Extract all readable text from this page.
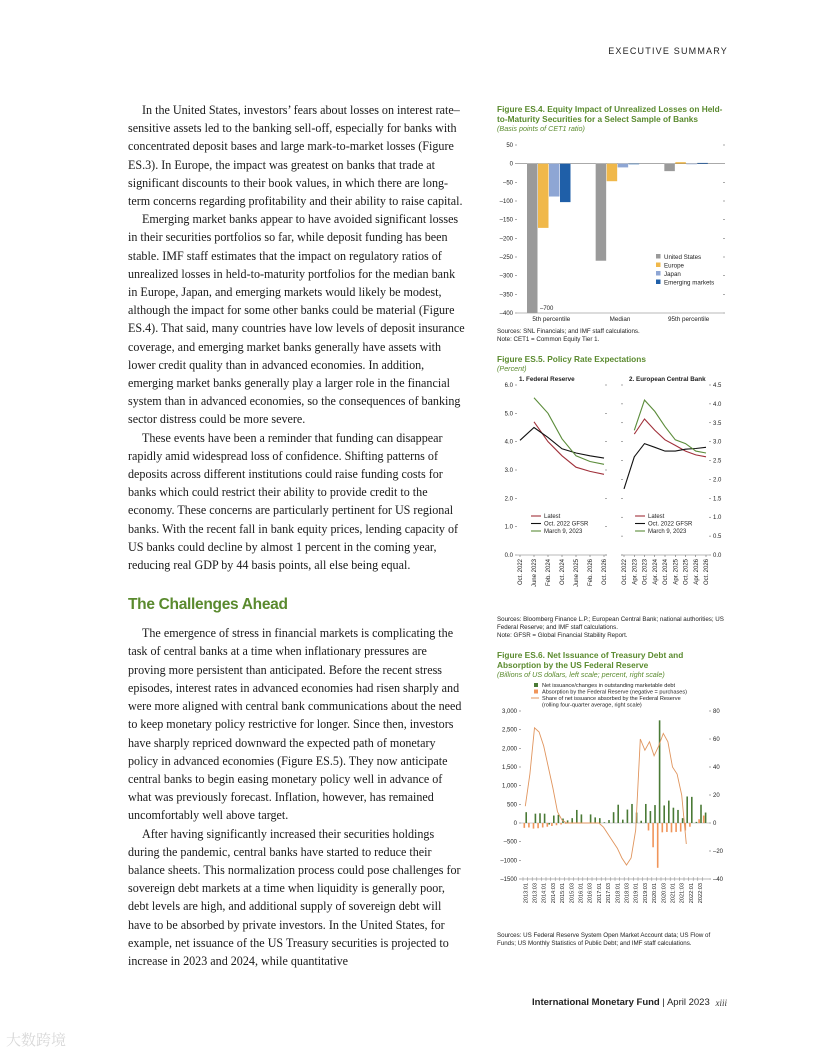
EXECUTIVE SUMMARY

In the United States, investors’ fears about losses on interest rate–sensitive assets led to the banking sell-off, especially for banks with concentrated deposit bases and large mark-to-market losses (Figure ES.3). In Europe, the impact was greatest on banks that trade at significant discounts to their book values, in which there are long-term concerns regarding profitability and their ability to raise capital.

Emerging market banks appear to have avoided significant losses in their securities portfolios so far, while deposit funding has been stable. IMF staff estimates that the impact on regulatory ratios of unrealized losses in held-to-maturity portfolios for the median bank in Europe, Japan, and emerging markets would likely be modest, although the impact for some other banks could be material (Figure ES.4). That said, many countries have low levels of deposit insurance coverage, and emerging market banks generally have assets with lower credit quality than in advanced economies. In addition, emerging market banks generally play a larger role in the financial system than in advanced economies, so the consequences of banking sector distress could be more severe.

These events have been a reminder that funding can disappear rapidly amid widespread loss of confidence. Shifting patterns of deposits across different institutions could raise funding costs for banks which could restrict their ability to provide credit to the economy. These concerns are particularly pertinent for US regional banks. With the recent fall in bank equity prices, lending capacity of US banks could decline by almost 1 percent in the coming year, reducing real GDP by 44 basis points, all else being equal.

The Challenges Ahead

The emergence of stress in financial markets is complicating the task of central banks at a time when inflationary pressures are proving more persistent than anticipated. Before the recent stress episodes, interest rates in advanced economies had risen sharply and were more aligned with central bank communications about the need to keep monetary policy restrictive for longer. Since then, investors have sharply repriced downward the expected path of monetary policy in advanced economies (Figure ES.5). They now anticipate central banks to begin easing monetary policy well in advance of what was previously forecast. Inflation, however, has remained uncomfortably well above target.

After having significantly increased their securities holdings during the pandemic, central banks have started to reduce their balance sheets. This normalization process could pose challenges for sovereign debt markets at a time when liquidity is generally poor, debt levels are high, and additional supply of sovereign debt will have to be absorbed by private investors. In the United States, for example, net issuance of the US Treasury securities is projected to increase in 2023 and 2024, while quantitative

Figure ES.4. Equity Impact of Unrealized Losses on Held-to-Maturity Securities for a Select Sample of Banks
(Basis points of CET1 ratio)
50
0
–50
–100
–150
–200
–250
–300
–350
–400
5th percentile	Median	95th percentile
–700
United States
Europe
Japan
Emerging markets
Sources: SNL Financials; and IMF staff calculations.
Note: CET1 = Common Equity Tier 1.
Figure ES.5. Policy Rate Expectations
(Percent)
1. Federal Reserve
0.0
1.0
2.0
3.0
4.0
5.0
6.0
Oct. 2022 June 2023 Feb. 2024 Oct. 2024 June 2025 Feb. 2026 Oct. 2026
Latest
Oct. 2022 GFSR
March 9, 2023
2. European Central Bank
0.0
0.5
1.0
1.5
2.0
2.5
3.0
3.5
4.0
4.5
Oct. 2022 Apr. 2023 Oct. 2023 Apr. 2024 Oct. 2024 Apr. 2025 Oct. 2025 Apr. 2026 Oct. 2026
Latest
Oct. 2022 GFSR
March 9, 2023
Sources: Bloomberg Finance L.P.; European Central Bank; national authorities; US Federal Reserve; and IMF staff calculations.
Note: GFSR = Global Financial Stability Report.
Figure ES.6. Net Issuance of Treasury Debt and Absorption by the US Federal Reserve
(Billions of US dollars, left scale; percent, right scale)
Net issuance/changes in outstanding marketable debt
Absorption by the Federal Reserve (negative = purchases)
Share of net issuance absorbed by the Federal Reserve
(rolling four-quarter average, right scale)
3,000
2,500
2,000
1,500
1,000
500
0
–500
–1000
–1500
80
60
40
20
0
–20
–40
2013:01 2013:03 2014:01 2014:03 2015:01 2015:03 2016:01 2016:03 2017:01 2017:03 2018:01 2018:03 2019:01 2019:03 2020:01 2020:03 2021:01 2021:03 2022:01 2022:03
Sources: US Federal Reserve System Open Market Account data; US Flow of Funds; US Monthly Statistics of Public Debt; and IMF staff calculations.
International Monetary Fund | April 2023 xiii
大数跨境
